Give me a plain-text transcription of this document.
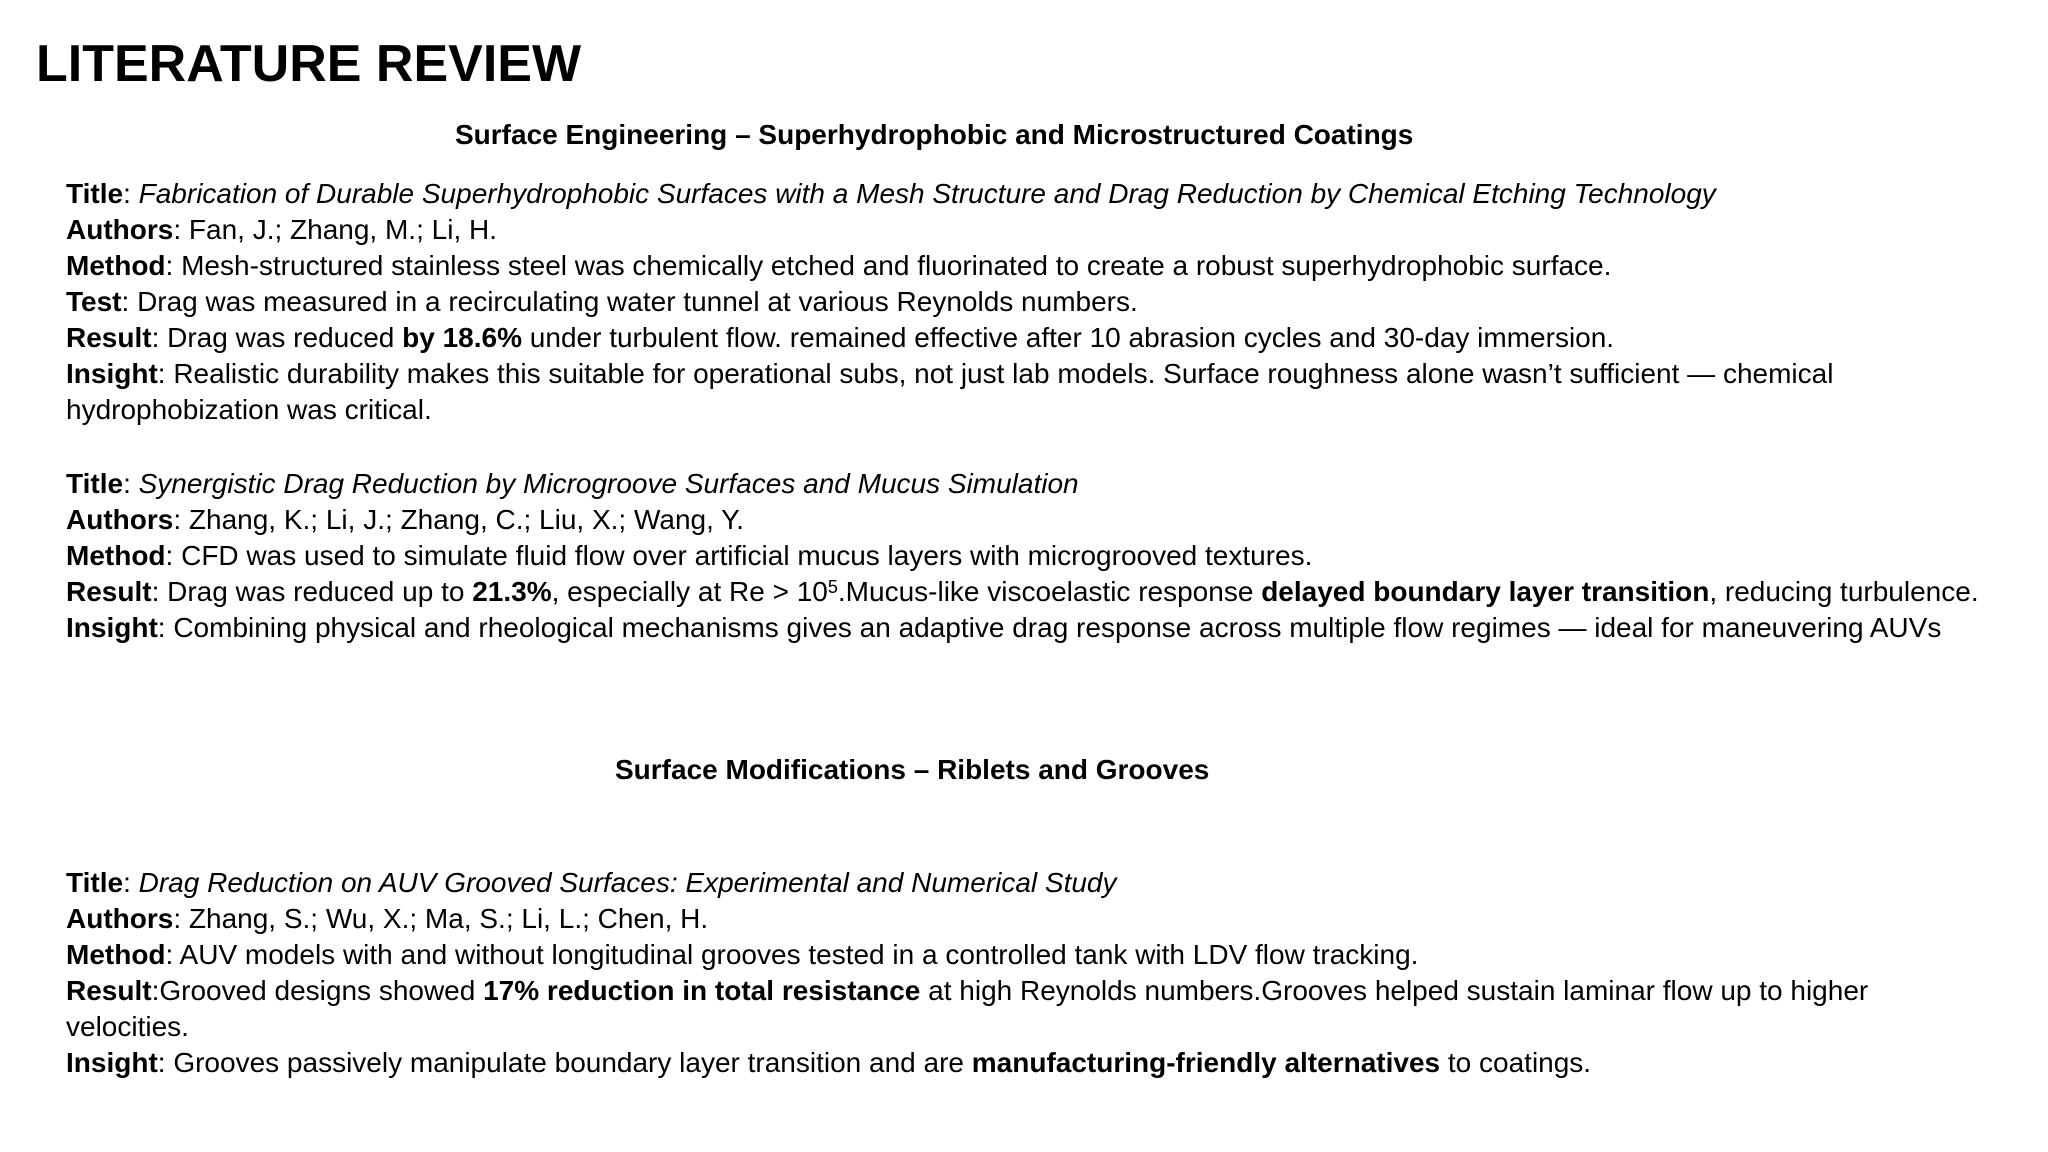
LITERATURE REVIEW
Surface Engineering – Superhydrophobic and Microstructured Coatings

Title: Fabrication of Durable Superhydrophobic Surfaces with a Mesh Structure and Drag Reduction by Chemical Etching Technology

Authors: Fan, J.; Zhang, M.; Li, H.

Method: Mesh-structured stainless steel was chemically etched and fluorinated to create a robust superhydrophobic surface.

Test: Drag was measured in a recirculating water tunnel at various Reynolds numbers.

Result: Drag was reduced by 18.6% under turbulent flow. remained effective after 10 abrasion cycles and 30-day immersion.

Insight: Realistic durability makes this suitable for operational subs, not just lab models. Surface roughness alone wasn’t sufficient — chemical hydrophobization was critical.

Title: Synergistic Drag Reduction by Microgroove Surfaces and Mucus Simulation

Authors: Zhang, K.; Li, J.; Zhang, C.; Liu, X.; Wang, Y.

Method: CFD was used to simulate fluid flow over artificial mucus layers with microgrooved textures.

Result: Drag was reduced up to 21.3%, especially at $Re > 10^5.Mucus$-like viscoelastic response delayed boundary layer transition, reducing turbulence.

Insight: Combining physical and rheological mechanisms gives an adaptive drag response across multiple flow regimes — ideal for maneuvering AUVs

Surface Modifications – Riblets and Grooves

Title: Drag Reduction on AUV Grooved Surfaces: Experimental and Numerical Study

Authors: Zhang, S.; Wu, X.; Ma, S.; Li, L.; Chen, H.

Method: AUV models with and without longitudinal grooves tested in a controlled tank with LDV flow tracking.

Result:Grooved designs showed 17% reduction in total resistance at high Reynolds numbers.Grooves helped sustain laminar flow up to higher velocities.

Insight: Grooves passively manipulate boundary layer transition and are manufacturing-friendly alternatives to coatings.
